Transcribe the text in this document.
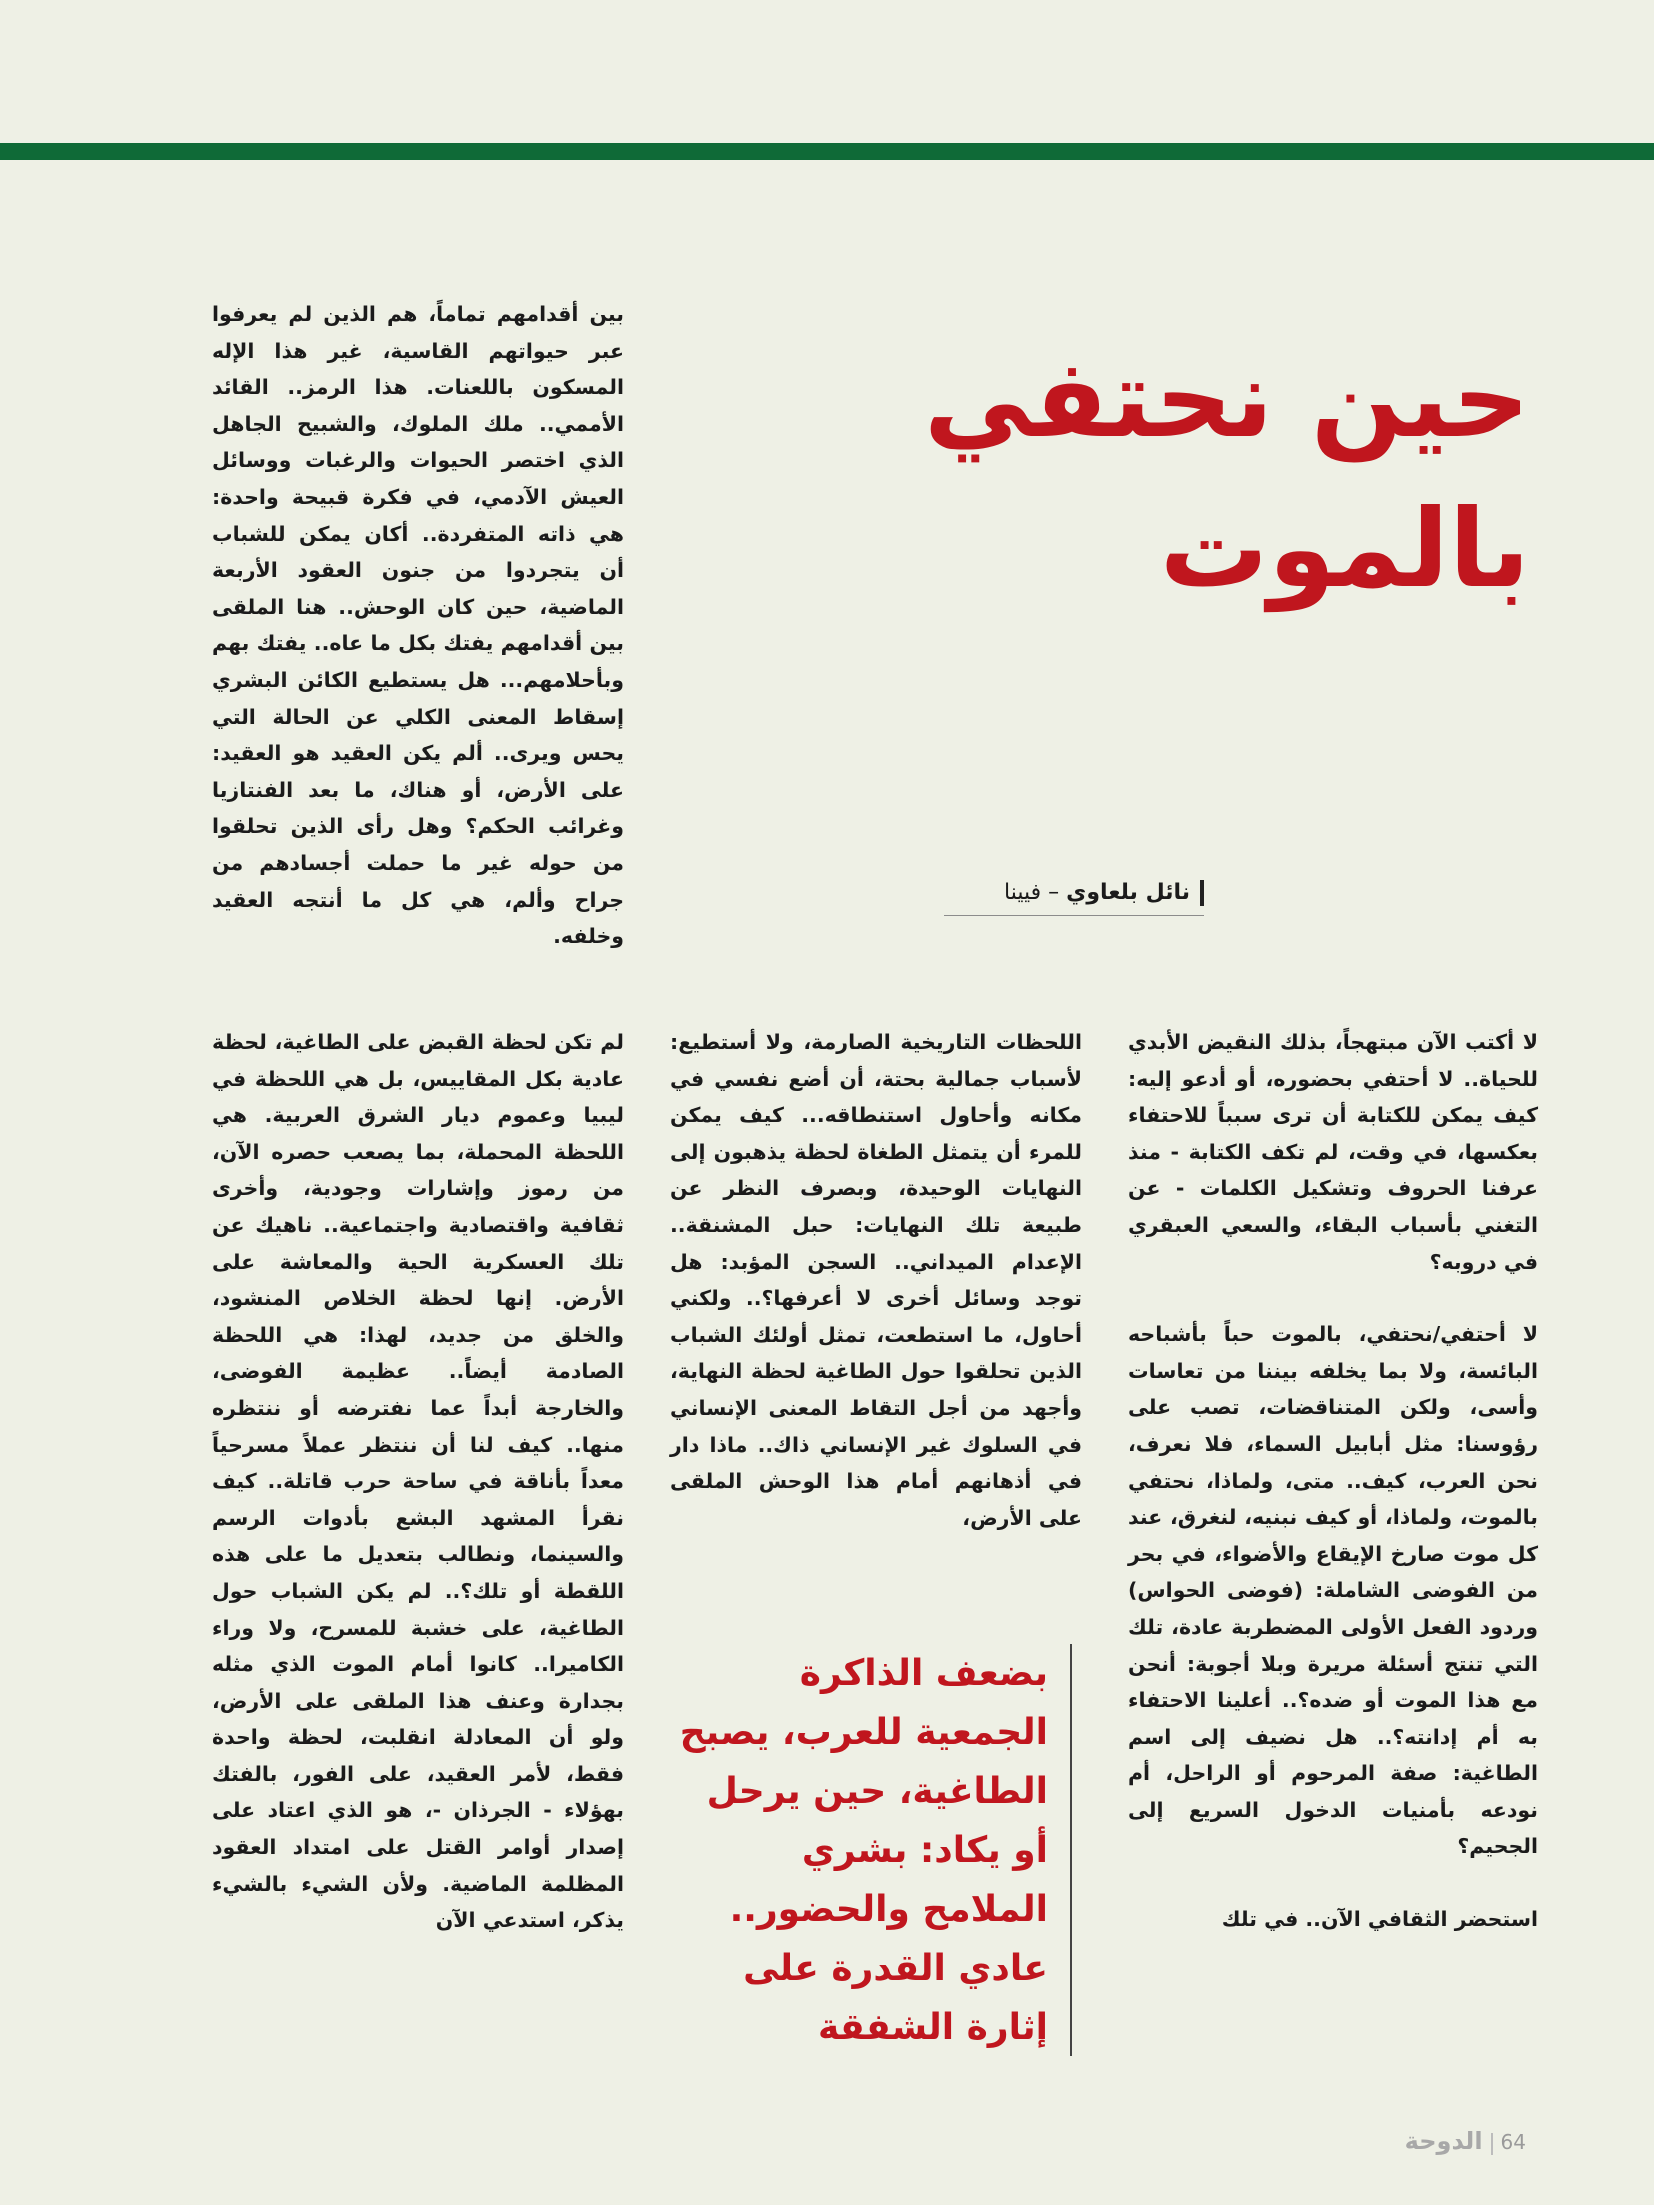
حين نحتفي
بالموت

بين أقدامهم تماماً، هم الذين لم يعرفوا عبر حيواتهم القاسية، غير هذا الإله المسكون باللعنات. هذا الرمز.. القائد الأممي.. ملك الملوك، والشبيح الجاهل الذي اختصر الحيوات والرغبات ووسائل العيش الآدمي، في فكرة قبيحة واحدة: هي ذاته المتفردة.. أكان يمكن للشباب أن يتجردوا من جنون العقود الأربعة الماضية، حين كان الوحش.. هنا الملقى بين أقدامهم يفتك بكل ما عاه.. يفتك بهم وبأحلامهم... هل يستطيع الكائن البشري إسقاط المعنى الكلي عن الحالة التي يحس ويرى.. ألم يكن العقيد هو العقيد: على الأرض، أو هناك، ما بعد الفنتازيا وغرائب الحكم؟ وهل رأى الذين تحلقوا من حوله غير ما حملت أجسادهم من جراح وألم، هي كل ما أنتجه العقيد وخلفه.

نائل بلعاوي – فيينا

لا أكتب الآن مبتهجاً، بذلك النقيض الأبدي للحياة.. لا أحتفي بحضوره، أو أدعو إليه: كيف يمكن للكتابة أن ترى سبباً للاحتفاء بعكسها، في وقت، لم تكف الكتابة - منذ عرفنا الحروف وتشكيل الكلمات - عن التغني بأسباب البقاء، والسعي العبقري في دروبه؟

لا أحتفي/نحتفي، بالموت حباً بأشباحه البائسة، ولا بما يخلفه بيننا من تعاسات وأسى، ولكن المتناقضات، تصب على رؤوسنا: مثل أبابيل السماء، فلا نعرف، نحن العرب، كيف.. متى، ولماذا، نحتفي بالموت، ولماذا، أو كيف نبنيه، لنغرق، عند كل موت صارخ الإيقاع والأضواء، في بحر من الفوضى الشاملة: (فوضى الحواس) وردود الفعل الأولى المضطربة عادة، تلك التي تنتج أسئلة مريرة وبلا أجوبة: أنحن مع هذا الموت أو ضده؟.. أعلينا الاحتفاء به أم إدانته؟.. هل نضيف إلى اسم الطاغية: صفة المرحوم أو الراحل، أم نودعه بأمنيات الدخول السريع إلى الجحيم؟

استحضر الثقافي الآن.. في تلك

اللحظات التاريخية الصارمة، ولا أستطيع: لأسباب جمالية بحتة، أن أضع نفسي في مكانه وأحاول استنطاقه... كيف يمكن للمرء أن يتمثل الطغاة لحظة يذهبون إلى النهايات الوحيدة، وبصرف النظر عن طبيعة تلك النهايات: حبل المشنقة.. الإعدام الميداني.. السجن المؤبد: هل توجد وسائل أخرى لا أعرفها؟.. ولكني أحاول، ما استطعت، تمثل أولئك الشباب الذين تحلقوا حول الطاغية لحظة النهاية، وأجهد من أجل التقاط المعنى الإنساني في السلوك غير الإنساني ذاك.. ماذا دار في أذهانهم أمام هذا الوحش الملقى على الأرض،

لم تكن لحظة القبض على الطاغية، لحظة عادية بكل المقاييس، بل هي اللحظة في ليبيا وعموم ديار الشرق العربية. هي اللحظة المحملة، بما يصعب حصره الآن، من رموز وإشارات وجودية، وأخرى ثقافية واقتصادية واجتماعية.. ناهيك عن تلك العسكرية الحية والمعاشة على الأرض. إنها لحظة الخلاص المنشود، والخلق من جديد، لهذا: هي اللحظة الصادمة أيضاً.. عظيمة الفوضى، والخارجة أبداً عما نفترضه أو ننتظره منها.. كيف لنا أن ننتظر عملاً مسرحياً معداً بأناقة في ساحة حرب قاتلة.. كيف نقرأ المشهد البشع بأدوات الرسم والسينما، ونطالب بتعديل ما على هذه اللقطة أو تلك؟.. لم يكن الشباب حول الطاغية، على خشبة للمسرح، ولا وراء الكاميرا.. كانوا أمام الموت الذي مثله بجدارة وعنف هذا الملقى على الأرض، ولو أن المعادلة انقلبت، لحظة واحدة فقط، لأمر العقيد، على الفور، بالفتك بهؤلاء - الجرذان -، هو الذي اعتاد على إصدار أوامر القتل على امتداد العقود المظلمة الماضية. ولأن الشيء بالشيء يذكر، استدعي الآن

بضعف الذاكرة الجمعية للعرب، يصبح الطاغية، حين يرحل أو يكاد: بشري الملامح والحضور.. عادي القدرة على إثارة الشفقة

64الدوحة
